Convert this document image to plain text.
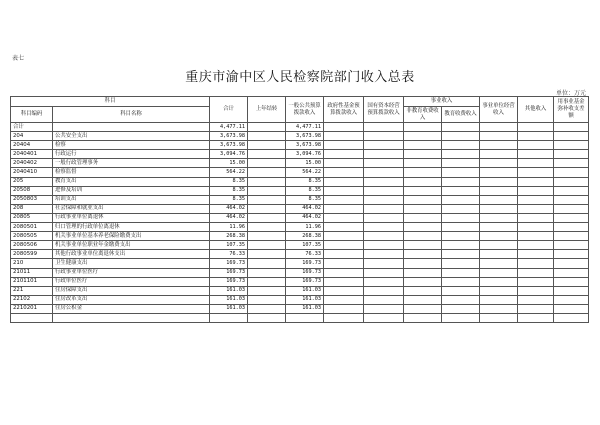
表七
重庆市渝中区人民检察院部门收入总表
单位：万元
科目		合计	上年结转	一般公共预算拨款收入	政府性基金预算拨款收入	国有资本经营预算拨款收入	事业收入		事业单位经营收入	其他收入	用事业基金弥补收支差额
科目编码	科目名称						非教育收费收入	教育收费收入			
合计		4,477.11		4,477.11							
204	公共安全支出	3,673.98		3,673.98							
20404	检察	3,673.98		3,673.98							
2040401	行政运行	3,094.76		3,094.76							
2040402	一般行政管理事务	15.00		15.00							
2040410	检察监督	564.22		564.22							
205	教育支出	8.35		8.35							
20508	进修及培训	8.35		8.35							
2050803	培训支出	8.35		8.35							
208	社会保障和就业支出	464.02		464.02							
20805	行政事业单位离退休	464.02		464.02							
2080501	归口管理的行政单位离退休	11.96		11.96							
2080505	机关事业单位基本养老保险缴费支出	268.38		268.38							
2080506	机关事业单位职业年金缴费支出	107.35		107.35							
2080599	其他行政事业单位离退休支出	76.33		76.33							
210	卫生健康支出	169.73		169.73							
21011	行政事业单位医疗	169.73		169.73							
2101101	行政单位医疗	169.73		169.73							
221	住房保障支出	161.03		161.03							
22102	住房改革支出	161.03		161.03							
2210201	住房公积金	161.03		161.03							
